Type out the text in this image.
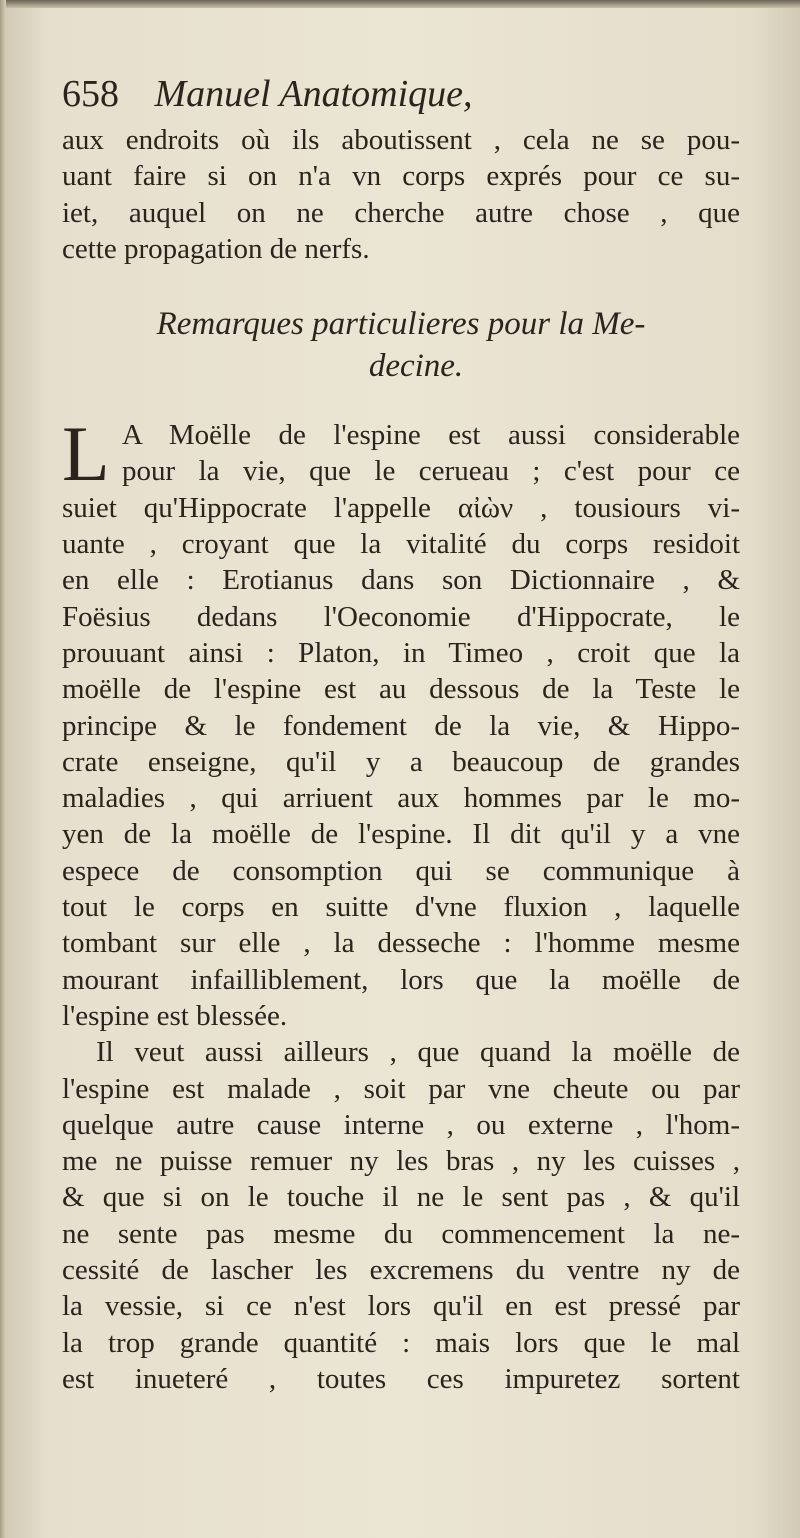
658 Manuel Anatomique,
aux endroits où ils aboutissent , cela ne se pou-
uant faire si on n'a vn corps exprés pour ce su-
iet, auquel on ne cherche autre chose , que
cette propagation de nerfs.
Remarques particulieres pour la Me-
decine.
L A Moëlle de l'espine est aussi considerable
pour la vie, que le cerueau ; c'est pour ce
suiet qu'Hippocrate l'appelle αἰὼν , tousiours vi-
uante , croyant que la vitalité du corps residoit
en elle : Erotianus dans son Dictionnaire , &
Foësius dedans l'Oeconomie d'Hippocrate, le
prouuant ainsi : Platon, in Timeo , croit que la
moëlle de l'espine est au dessous de la Teste le
principe & le fondement de la vie, & Hippo-
crate enseigne, qu'il y a beaucoup de grandes
maladies , qui arriuent aux hommes par le mo-
yen de la moëlle de l'espine. Il dit qu'il y a vne
espece de consomption qui se communique à
tout le corps en suitte d'vne fluxion , laquelle
tombant sur elle , la desseche : l'homme mesme
mourant infailliblement, lors que la moëlle de
l'espine est blessée.
Il veut aussi ailleurs , que quand la moëlle de
l'espine est malade , soit par vne cheute ou par
quelque autre cause interne , ou externe , l'hom-
me ne puisse remuer ny les bras , ny les cuisses ,
& que si on le touche il ne le sent pas , & qu'il
ne sente pas mesme du commencement la ne-
cessité de lascher les excremens du ventre ny de
la vessie, si ce n'est lors qu'il en est pressé par
la trop grande quantité : mais lors que le mal
est inueteré , toutes ces impuretez sortent
